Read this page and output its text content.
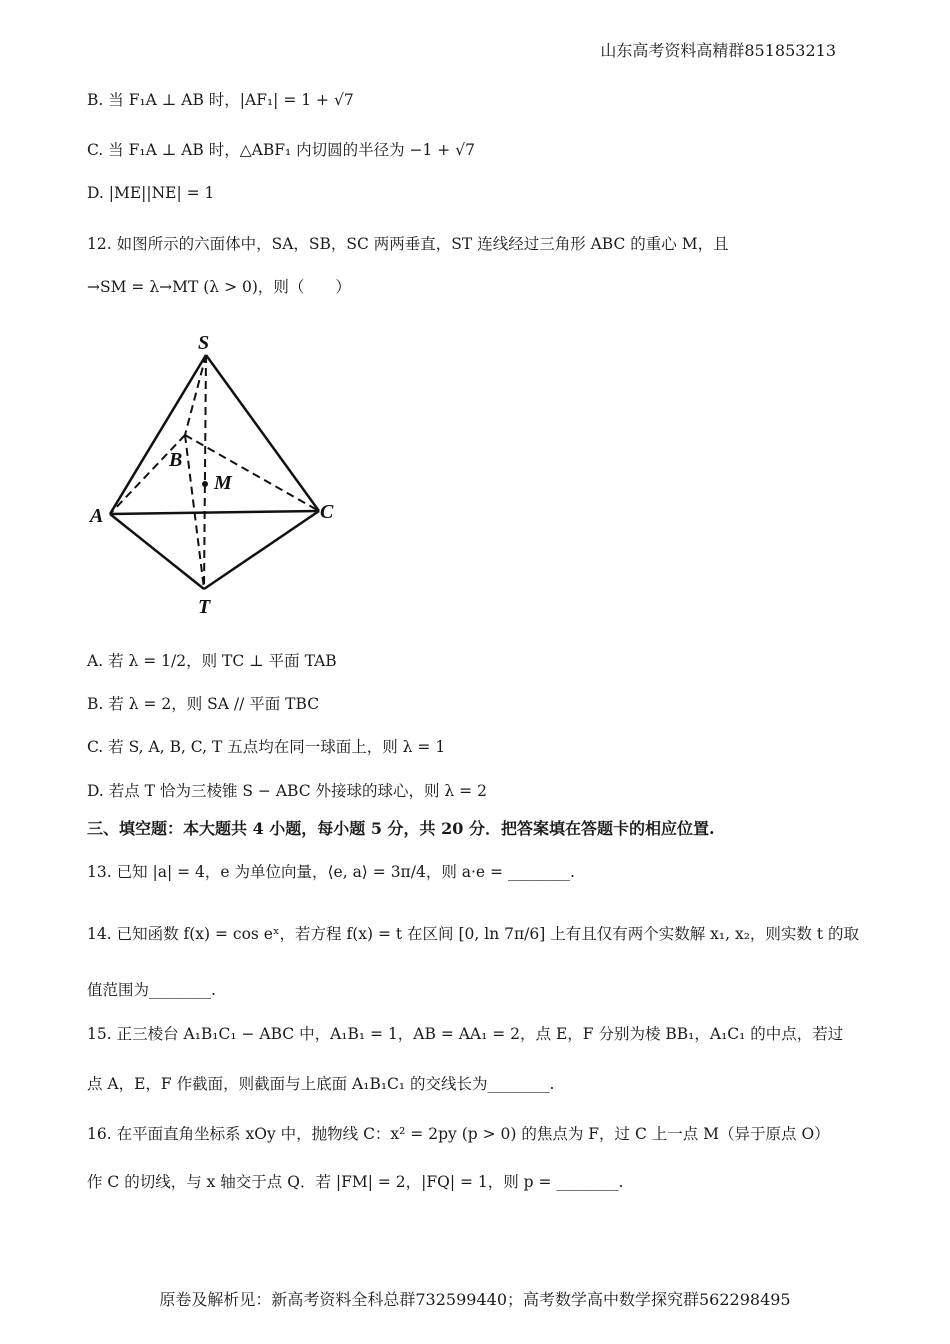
山东高考资料高精群851853213
B. 当 F₁A ⊥ AB 时，|AF₁| = 1 + √7
C. 当 F₁A ⊥ AB 时，△ABF₁ 内切圆的半径为 −1 + √7
D. |ME||NE| = 1
12. 如图所示的六面体中，SA，SB，SC 两两垂直，ST 连线经过三角形 ABC 的重心 M，且
→SM = λ→MT (λ > 0)，则（　　）
S
A
B
C
T
M
A. 若 λ = 1/2，则 TC ⊥ 平面 TAB
B. 若 λ = 2，则 SA // 平面 TBC
C. 若 S, A, B, C, T 五点均在同一球面上，则 λ = 1
D. 若点 T 恰为三棱锥 S − ABC 外接球的球心，则 λ = 2
三、填空题：本大题共 4 小题，每小题 5 分，共 20 分．把答案填在答题卡的相应位置.
13. 已知 |a| = 4，e 为单位向量，⟨e, a⟩ = 3π/4，则 a·e = ________.
14. 已知函数 f(x) = cos eˣ，若方程 f(x) = t 在区间 [0, ln 7π/6] 上有且仅有两个实数解 x₁, x₂，则实数 t 的取
值范围为________.
15. 正三棱台 A₁B₁C₁ − ABC 中，A₁B₁ = 1，AB = AA₁ = 2，点 E，F 分别为棱 BB₁，A₁C₁ 的中点，若过
点 A，E，F 作截面，则截面与上底面 A₁B₁C₁ 的交线长为________.
16. 在平面直角坐标系 xOy 中，抛物线 C：x² = 2py (p > 0) 的焦点为 F，过 C 上一点 M（异于原点 O）
作 C 的切线，与 x 轴交于点 Q．若 |FM| = 2，|FQ| = 1，则 p = ________.
原卷及解析见：新高考资料全科总群732599440；高考数学高中数学探究群562298495
